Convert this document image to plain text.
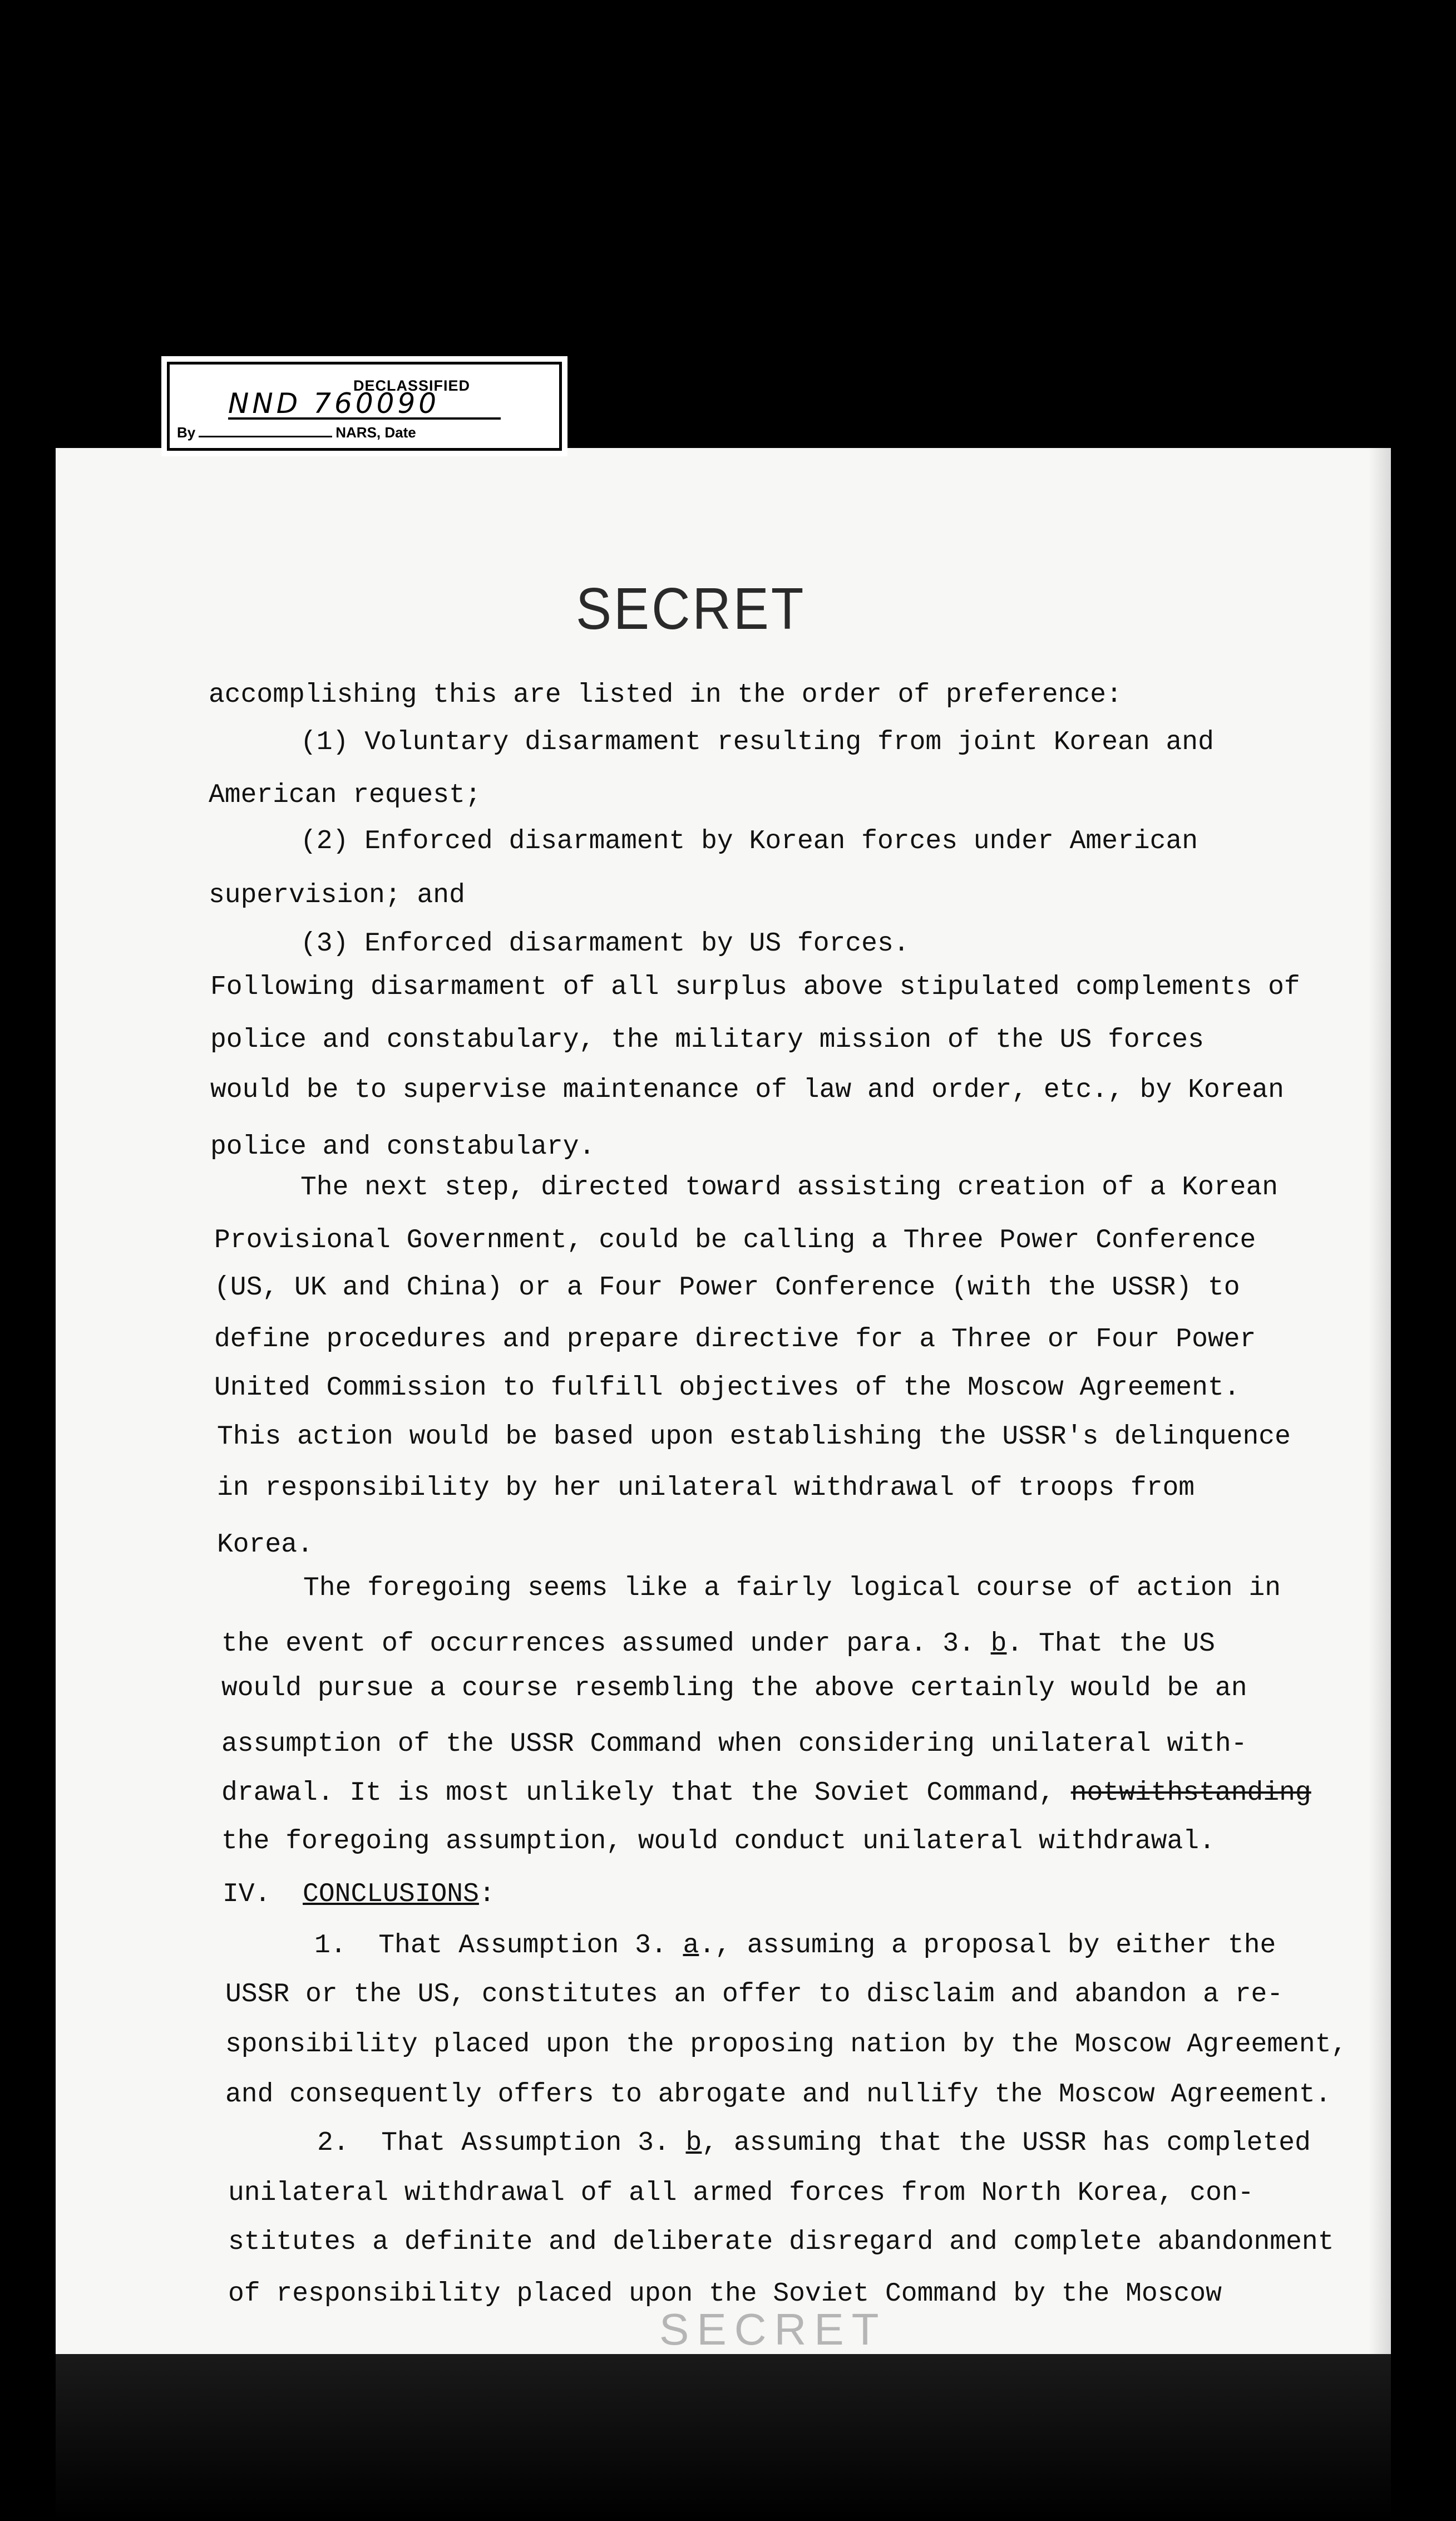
DECLASSIFIED
NND 760090
By	NARS, Date
SECRET
accomplishing this are listed in the order of preference:
(1) Voluntary disarmament resulting from joint Korean and
American request;
(2) Enforced disarmament by Korean forces under American
supervision; and
(3) Enforced disarmament by US forces.
Following disarmament of all surplus above stipulated complements of
police and constabulary, the military mission of the US forces
would be to supervise maintenance of law and order, etc., by Korean
police and constabulary.
The next step, directed toward assisting creation of a Korean
Provisional Government, could be calling a Three Power Conference
(US, UK and China) or a Four Power Conference (with the USSR) to
define procedures and prepare directive for a Three or Four Power
United Commission to fulfill objectives of the Moscow Agreement.
This action would be based upon establishing the USSR's delinquence
in responsibility by her unilateral withdrawal of troops from
Korea.
The foregoing seems like a fairly logical course of action in
the event of occurrences assumed under para. 3. b. That the US
would pursue a course resembling the above certainly would be an
assumption of the USSR Command when considering unilateral with-
drawal. It is most unlikely that the Soviet Command, notwithstanding
the foregoing assumption, would conduct unilateral withdrawal.
IV.  CONCLUSIONS:
1.  That Assumption 3. a., assuming a proposal by either the
USSR or the US, constitutes an offer to disclaim and abandon a re-
sponsibility placed upon the proposing nation by the Moscow Agreement,
and consequently offers to abrogate and nullify the Moscow Agreement.
2.  That Assumption 3. b, assuming that the USSR has completed
unilateral withdrawal of all armed forces from North Korea, con-
stitutes a definite and deliberate disregard and complete abandonment
of responsibility placed upon the Soviet Command by the Moscow
SECRET
